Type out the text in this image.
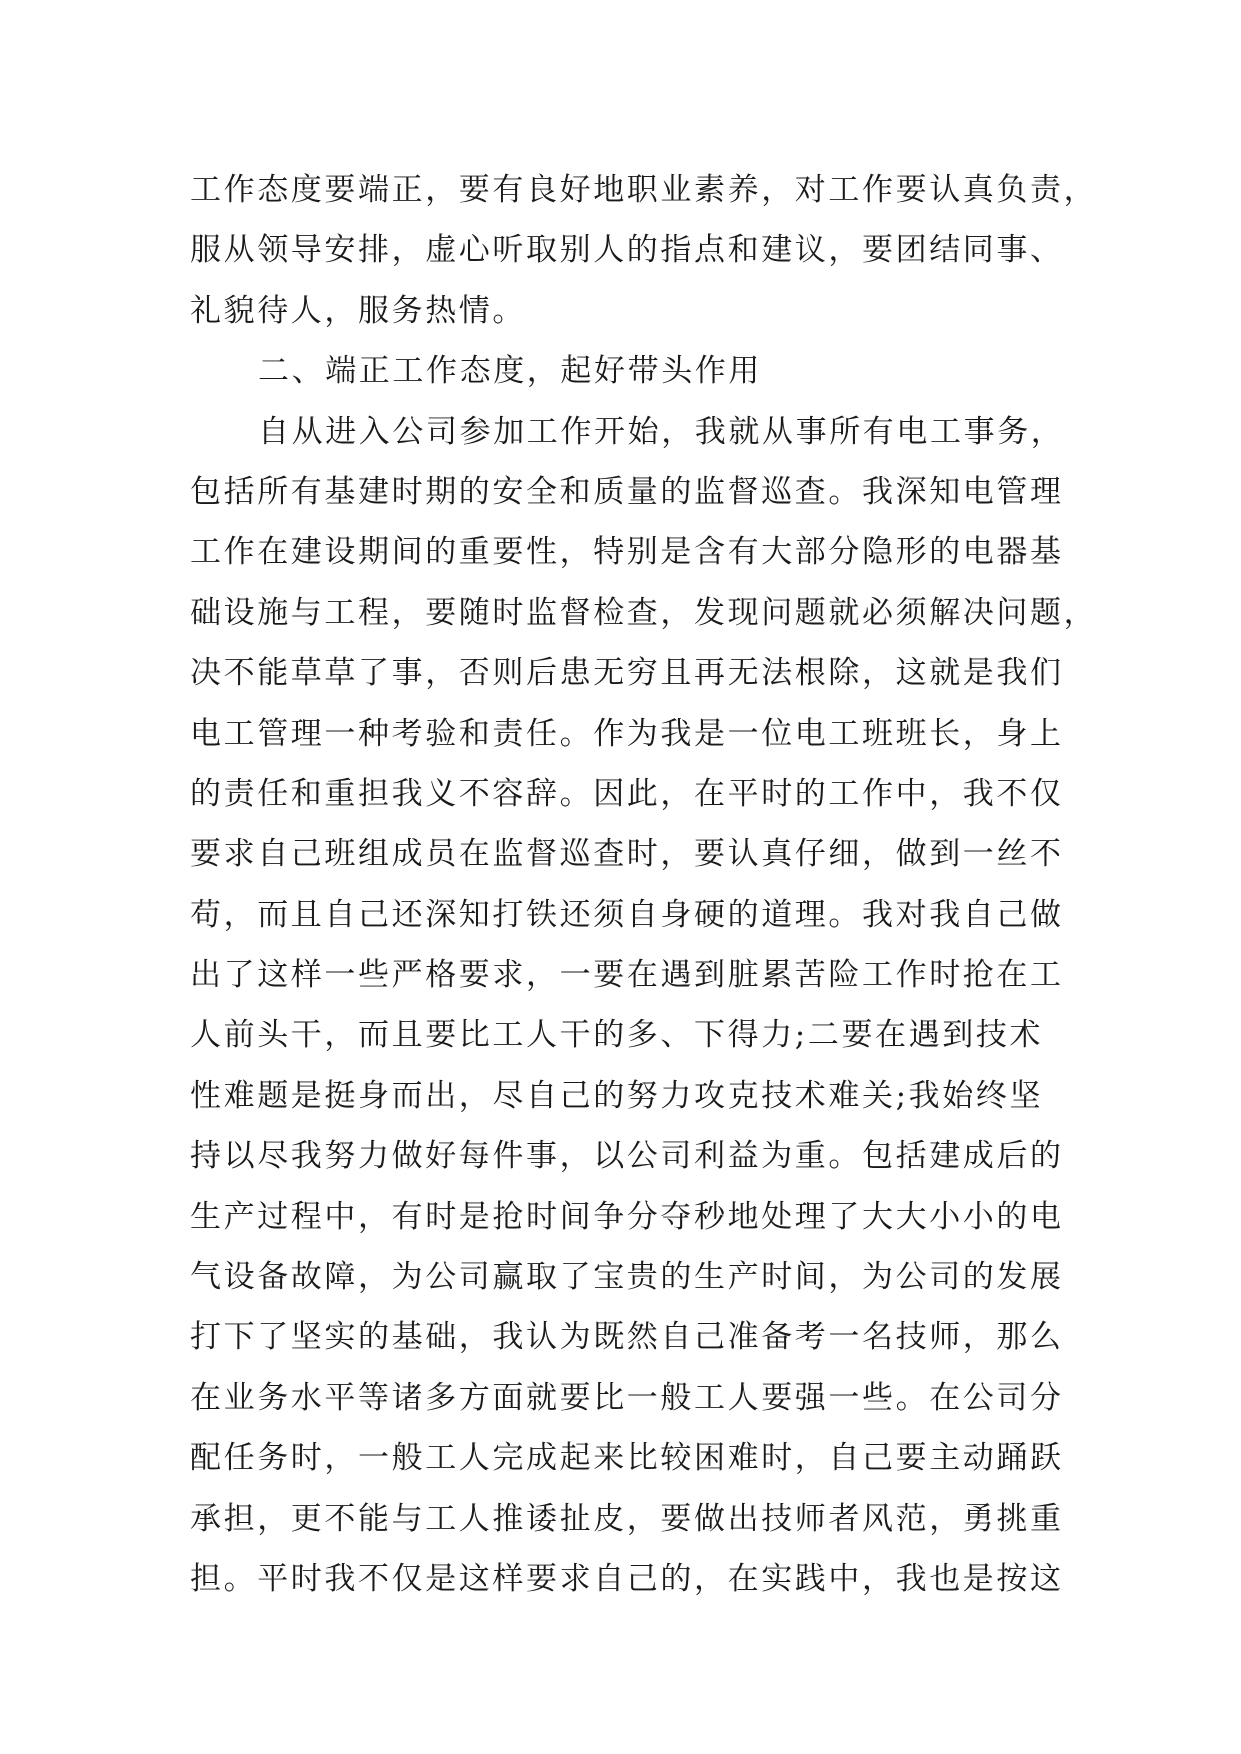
工作态度要端正，要有良好地职业素养，对工作要认真负责，
服从领导安排，虚心听取别人的指点和建议，要团结同事、
礼貌待人，服务热情。
二、端正工作态度，起好带头作用
自从进入公司参加工作开始，我就从事所有电工事务，
包括所有基建时期的安全和质量的监督巡查。我深知电管理
工作在建设期间的重要性，特别是含有大部分隐形的电器基
础设施与工程，要随时监督检查，发现问题就必须解决问题，
决不能草草了事，否则后患无穷且再无法根除，这就是我们
电工管理一种考验和责任。作为我是一位电工班班长，身上
的责任和重担我义不容辞。因此，在平时的工作中，我不仅
要求自己班组成员在监督巡查时，要认真仔细，做到一丝不
苟，而且自己还深知打铁还须自身硬的道理。我对我自己做
出了这样一些严格要求，一要在遇到脏累苦险工作时抢在工
人前头干，而且要比工人干的多、下得力;二要在遇到技术
性难题是挺身而出，尽自己的努力攻克技术难关;我始终坚
持以尽我努力做好每件事，以公司利益为重。包括建成后的
生产过程中，有时是抢时间争分夺秒地处理了大大小小的电
气设备故障，为公司赢取了宝贵的生产时间，为公司的发展
打下了坚实的基础，我认为既然自己准备考一名技师，那么
在业务水平等诸多方面就要比一般工人要强一些。在公司分
配任务时，一般工人完成起来比较困难时，自己要主动踊跃
承担，更不能与工人推诿扯皮，要做出技师者风范，勇挑重
担。平时我不仅是这样要求自己的，在实践中，我也是按这
